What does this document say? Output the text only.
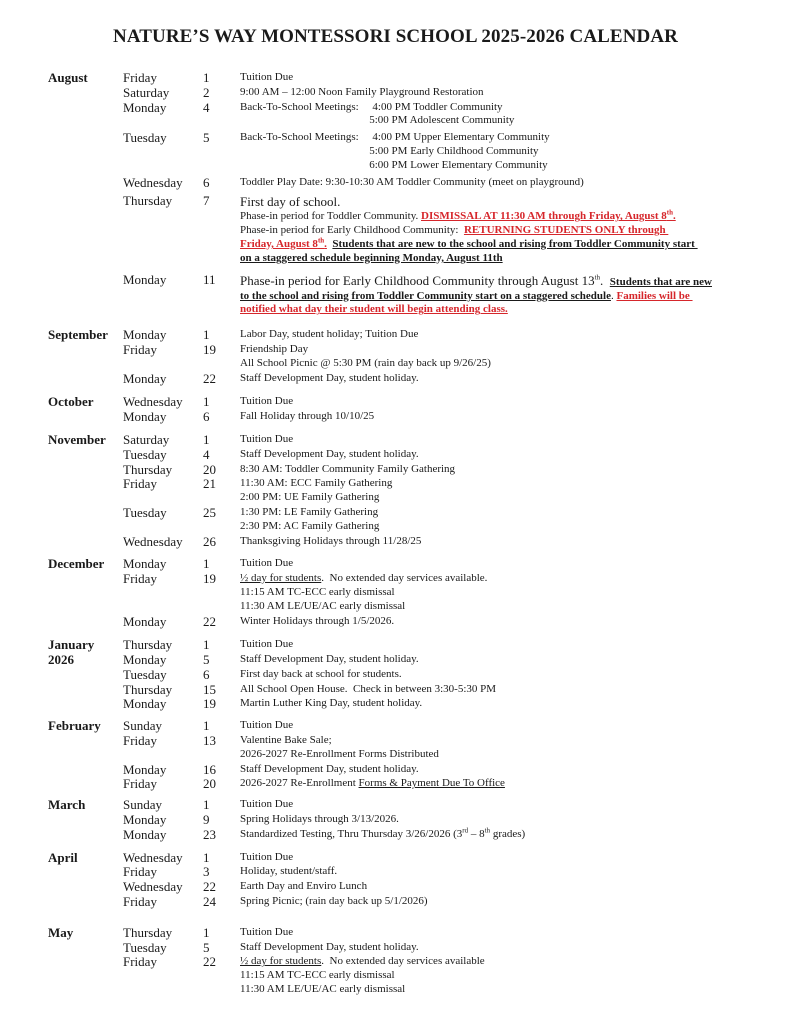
NATURE’S WAY MONTESSORI SCHOOL 2025-2026 CALENDAR
August	Friday	1	Tuition Due
Saturday	2	9:00 AM – 12:00 Noon Family Playground Restoration
Monday	4	Back-To-School Meetings:     4:00 PM Toddler Community
5:00 PM Adolescent Community
Tuesday	5	Back-To-School Meetings:     4:00 PM Upper Elementary Community
5:00 PM Early Childhood Community
6:00 PM Lower Elementary Community
Wednesday 6	Toddler Play Date: 9:30-10:30 AM Toddler Community (meet on playground)
Thursday 7 First day of school.
Phase-in period for Toddler Community. DISMISSAL AT 11:30 AM through Friday, August 8th.
Phase-in period for Early Childhood Community:  RETURNING STUDENTS ONLY through
Friday, August 8th. Students that are new to the school and rising from Toddler Community start
on a staggered schedule beginning Monday, August 11th
Monday	11 Phase-in period for Early Childhood Community through August 13th.  Students that are new
to the school and rising from Toddler Community start on a staggered schedule. Families will be
notified what day their student will begin attending class.
September	Monday	1	Labor Day, student holiday; Tuition Due
Friday	19 Friendship Day
All School Picnic @ 5:30 PM (rain day back up 9/26/25)
Monday	22 Staff Development Day, student holiday.
October	Wednesday 1	Tuition Due
Monday	6	Fall Holiday through 10/10/25
November	Saturday	1	Tuition Due
Tuesday	4	Staff Development Day, student holiday.
Thursday 20 8:30 AM: Toddler Community Family Gathering
Friday	21 11:30 AM: ECC Family Gathering
2:00 PM: UE Family Gathering
Tuesday	25 1:30 PM: LE Family Gathering
2:30 PM: AC Family Gathering
Wednesday 26 Thanksgiving Holidays through 11/28/25
December	Monday	1	Tuition Due
Friday	19 ½ day for students.  No extended day services available.
11:15 AM TC-ECC early dismissal
11:30 AM LE/UE/AC early dismissal
Monday	22 Winter Holidays through 1/5/2026.
January
2026
Thursday 1	Tuition Due
Monday	5	Staff Development Day, student holiday.
Tuesday	6	First day back at school for students.
Thursday 15 All School Open House.  Check in between 3:30-5:30 PM
Monday	19 Martin Luther King Day, student holiday.
February	Sunday	1	Tuition Due
Friday	13 Valentine Bake Sale;
2026-2027 Re-Enrollment Forms Distributed
Monday	16 Staff Development Day, student holiday.
Friday	20 2026-2027 Re-Enrollment Forms & Payment Due To Office
March	Sunday	1	Tuition Due
Monday	9	Spring Holidays through 3/13/2026.
Monday	23 Standardized Testing, Thru Thursday 3/26/2026 (3rd – 8th grades)
April	Wednesday 1	Tuition Due
Friday	3	Holiday, student/staff.
Wednesday 22 Earth Day and Enviro Lunch
Friday	24 Spring Picnic; (rain day back up 5/1/2026)
May	Thursday 1	Tuition Due
Tuesday	5	Staff Development Day, student holiday.
Friday	22 ½ day for students.  No extended day services available
11:15 AM TC-ECC early dismissal
11:30 AM LE/UE/AC early dismissal
